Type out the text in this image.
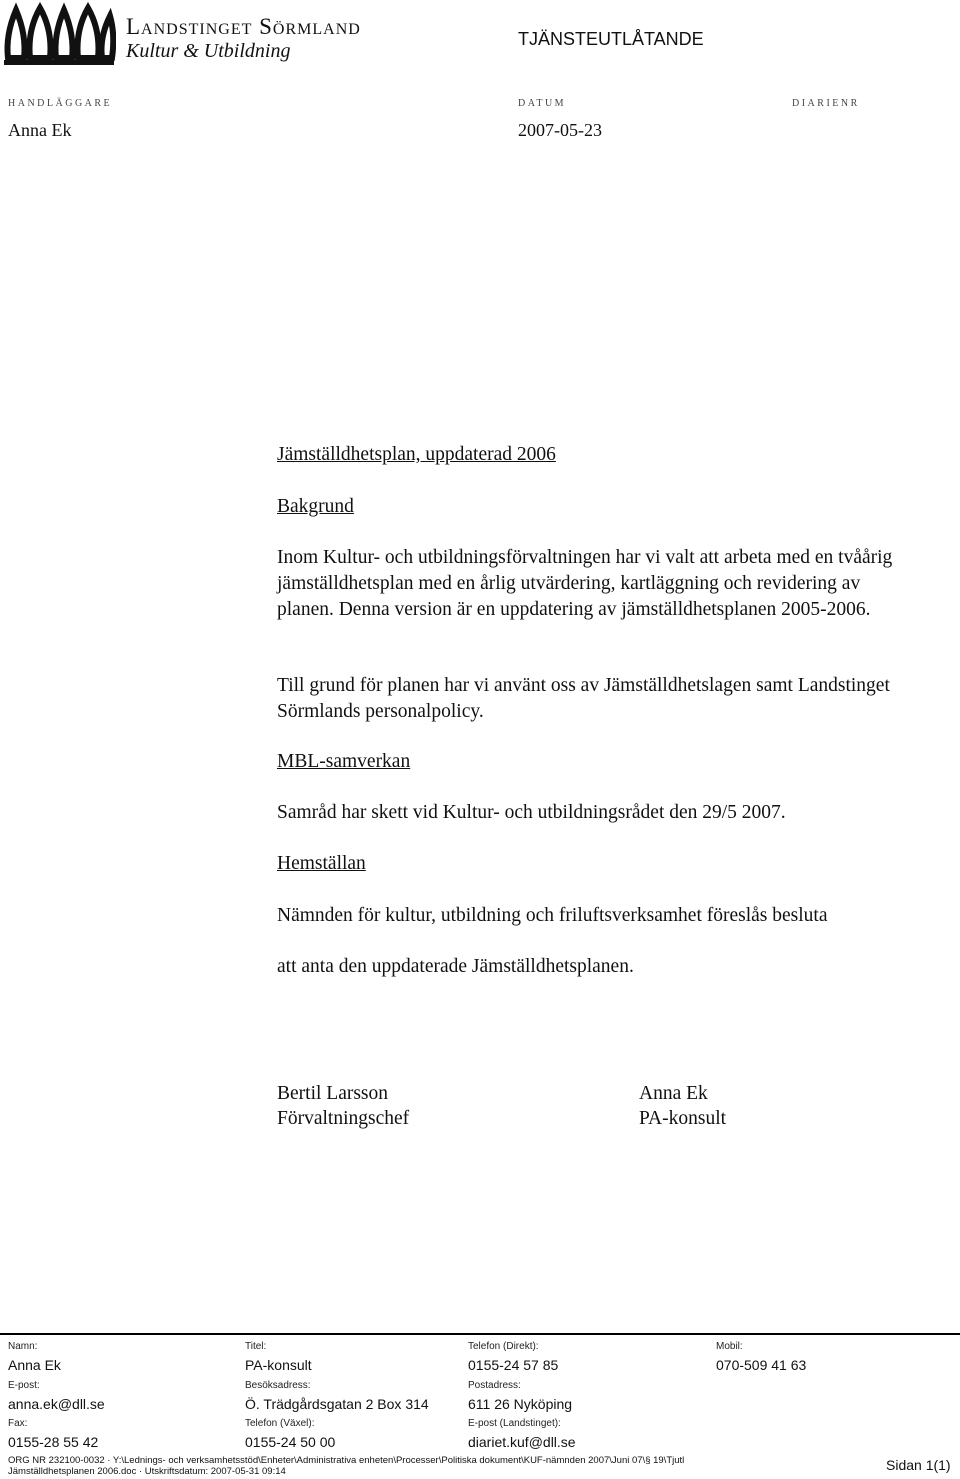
Landstinget Sörmland
Kultur & Utbildning
TJÄNSTEUTLÅTANDE
HANDLÄGGARE
Anna Ek
DATUM
2007-05-23
DIARIENR
Jämställdhetsplan, uppdaterad 2006
Bakgrund
Inom Kultur- och utbildningsförvaltningen har vi valt att arbeta med en tvåårig jämställdhetsplan med en årlig utvärdering, kartläggning och revidering av planen. Denna version är en uppdatering av jämställdhetsplanen 2005-2006.
Till grund för planen har vi använt oss av Jämställdhetslagen samt Landstinget Sörmlands personalpolicy.
MBL-samverkan
Samråd har skett vid Kultur- och utbildningsrådet den 29/5 2007.
Hemställan
Nämnden för kultur, utbildning och friluftsverksamhet föreslås besluta
att anta den uppdaterade Jämställdhetsplanen.
Bertil Larsson
Förvaltningschef
Anna Ek
PA-konsult
Namn:	Titel:	Telefon (Direkt):	Mobil:
Anna Ek	PA-konsult	0155-24 57 85	070-509 41 63
E-post:	Besöksadress:	Postadress:
anna.ek@dll.se	Ö. Trädgårdsgatan 2 Box 314	611 26 Nyköping
Fax:	Telefon (Växel):	E-post (Landstinget):
0155-28 55 42	0155-24 50 00	diariet.kuf@dll.se
ORG NR 232100-0032 · Y:\Lednings- och verksamhetsstöd\Enheter\Administrativa enheten\Processer\Politiska dokument\KUF-nämnden 2007\Juni 07\§ 19\Tjutl
Jämställdhetsplanen 2006.doc · Utskriftsdatum: 2007-05-31 09:14	Sidan 1(1)
